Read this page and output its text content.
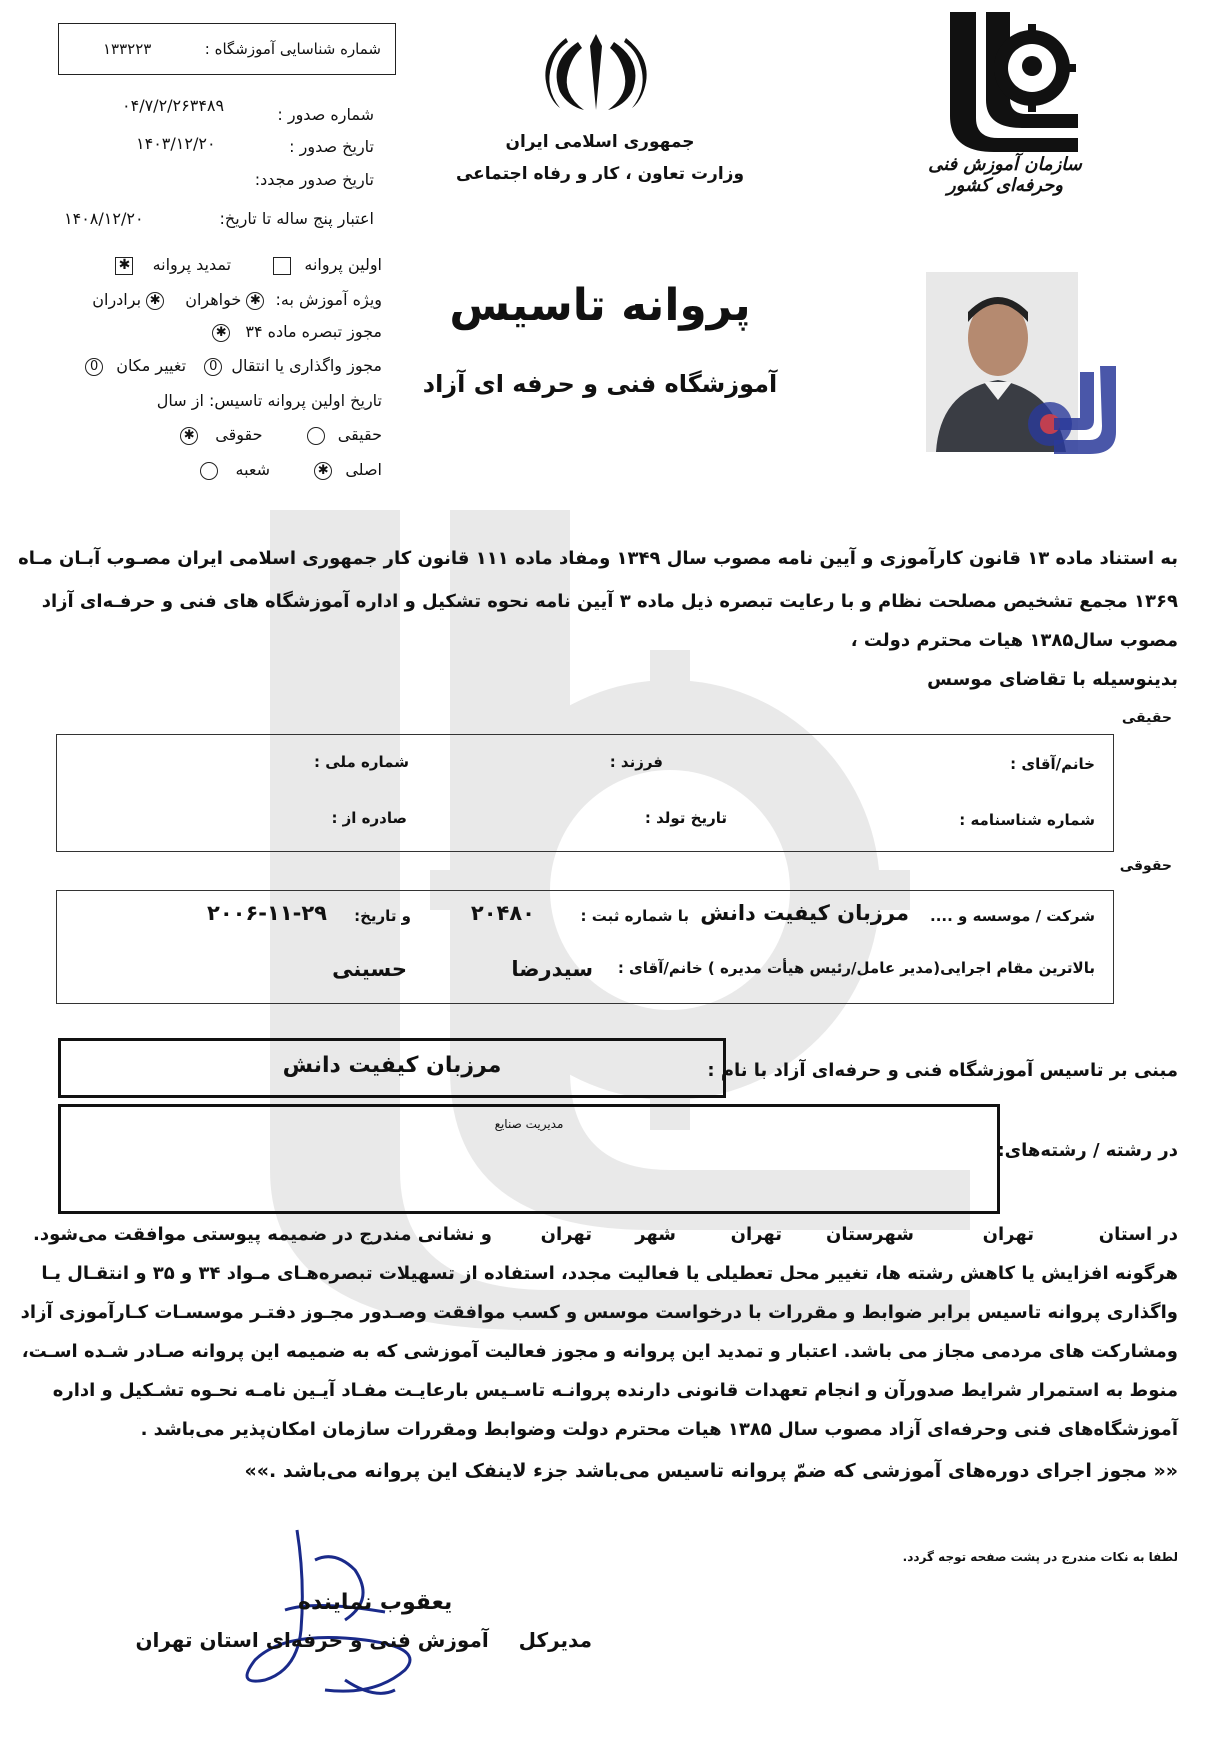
شماره شناسایی آموزشگاه :
۱۳۳۲۲۳
شماره صدور :
۰۴/۷/۲/۲۶۳۴۸۹
تاریخ صدور :
۱۴۰۳/۱۲/۲۰
تاریخ صدور مجدد:
اعتبار پنج ساله تا تاریخ:
۱۴۰۸/۱۲/۲۰
اولین پروانه   تمدید پروانه ✱
ویژه آموزش به: ✱ خواهران ✱ برادران
مجوز تبصره ماده ۳۴ ✱
مجوز واگذاری یا انتقال 0  تغییر مکان 0
تاریخ اولین پروانه تاسیس: از سال
حقیقی   حقوقی ✱
اصلی ✱  شعبه
جمهوری اسلامی ایران
وزارت تعاون ، کار و رفاه اجتماعی	سازمان آموزش فنی وحرفه‌ای کشور
پروانه تاسیس
آموزشگاه فنی و حرفه ای آزاد
به استناد ماده ۱۳ قانون کارآموزی و آیین نامه مصوب سال ۱۳۴۹ ومفاد ماده ۱۱۱ قانون کار جمهوری اسلامی ایران مصـوب آبـان مـاه
۱۳۶۹ مجمع تشخیص مصلحت نظام و با رعایت تبصره ذیل ماده ۳ آیین نامه نحوه تشکیل و اداره آموزشگاه های فنی و حرفـه‌ای آزاد
مصوب سال۱۳۸۵ هیات محترم دولت ،
بدینوسیله با تقاضای موسس
حقیقی
خانم/آقای :
فرزند :
شماره ملی :
شماره شناسنامه :
تاریخ تولد :
صادره از :
حقوقی
شرکت / موسسه و ....
مرزبان کیفیت دانش
با شماره ثبت :
۲۰۴۸۰
و تاریخ:
۲۰۰۶-۱۱-۲۹
بالاترین مقام اجرایی(مدیر عامل/رئیس هیأت مدیره ) خانم/آقای :
سیدرضا
حسینی
مبنی بر تاسیس آموزشگاه فنی و حرفه‌ای آزاد با نام :
مرزبان کیفیت دانش
در رشته / رشته‌های:
مدیریت صنایع
در استان
تهران
شهرستان
تهران
شهر
تهران
و نشانی مندرج در ضمیمه پیوستی موافقت می‌شود.
هرگونه افزایش یا کاهش رشته ها، تغییر محل تعطیلی یا فعالیت مجدد، استفاده از تسهیلات تبصره‌هـای مـواد ۳۴ و ۳۵ و انتقـال یـا
واگذاری پروانه تاسیس برابر ضوابط و مقررات با درخواست موسس و کسب موافقت وصـدور مجـوز دفتـر موسسـات کـارآموزی آزاد
ومشارکت های مردمی مجاز می باشد. اعتبار و تمدید این پروانه و مجوز فعالیت آموزشی که به ضمیمه این پروانه صـادر شـده اسـت،
منوط به استمرار شرایط صدورآن و انجام تعهدات قانونی دارنده پروانـه تاسـیس بارعایـت مفـاد آیـین نامـه نحـوه تشـکیل و اداره
آموزشگاه‌های فنی وحرفه‌ای آزاد مصوب سال ۱۳۸۵ هیات محترم دولت وضوابط ومقررات سازمان امکان‌پذیر می‌باشد .
«« مجوز اجرای دوره‌های آموزشی که ضمّ پروانه تاسیس می‌باشد جزء لاینفک این پروانه می‌باشد .»»
لطفا به نکات مندرج در پشت صفحه توجه گردد.
یعقوب نماینده
مدیرکل  آموزش فنی و حرفه‌ای استان تهران
